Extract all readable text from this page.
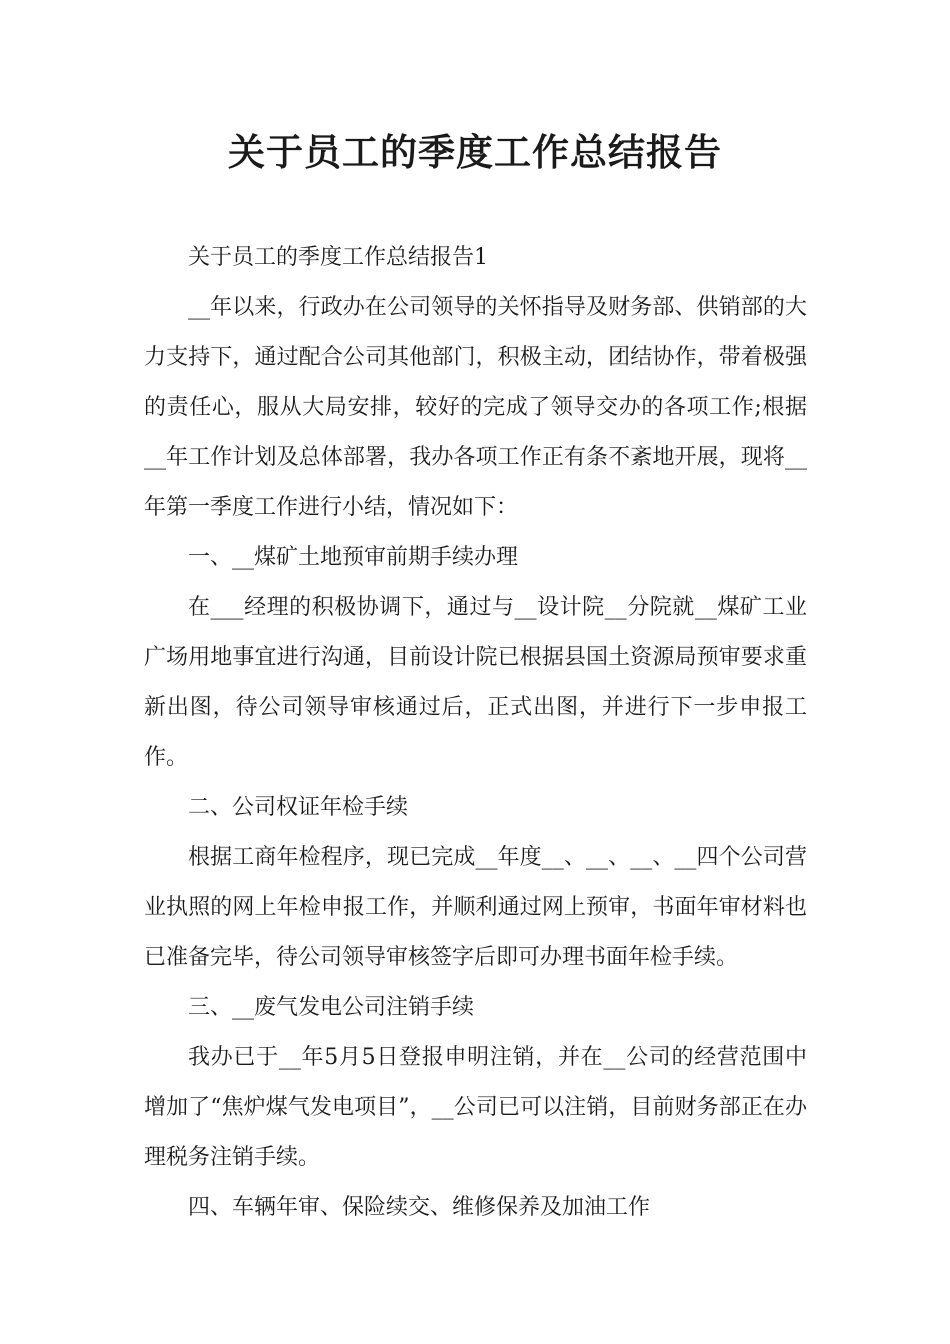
关于员工的季度工作总结报告

关于员工的季度工作总结报告1

__年以来，行政办在公司领导的关怀指导及财务部、供销部的大力支持下，通过配合公司其他部门，积极主动，团结协作，带着极强的责任心，服从大局安排，较好的完成了领导交办的各项工作;根据__年工作计划及总体部署，我办各项工作正有条不紊地开展，现将__年第一季度工作进行小结，情况如下：

一、__煤矿土地预审前期手续办理

在___经理的积极协调下，通过与__设计院__分院就__煤矿工业广场用地事宜进行沟通，目前设计院已根据县国土资源局预审要求重新出图，待公司领导审核通过后，正式出图，并进行下一步申报工作。

二、公司权证年检手续

根据工商年检程序，现已完成__年度__、__、__、__四个公司营业执照的网上年检申报工作，并顺利通过网上预审，书面年审材料也已准备完毕，待公司领导审核签字后即可办理书面年检手续。

三、__废气发电公司注销手续

我办已于__年5月5日登报申明注销，并在__公司的经营范围中增加了“焦炉煤气发电项目”，__公司已可以注销，目前财务部正在办理税务注销手续。

四、车辆年审、保险续交、维修保养及加油工作
